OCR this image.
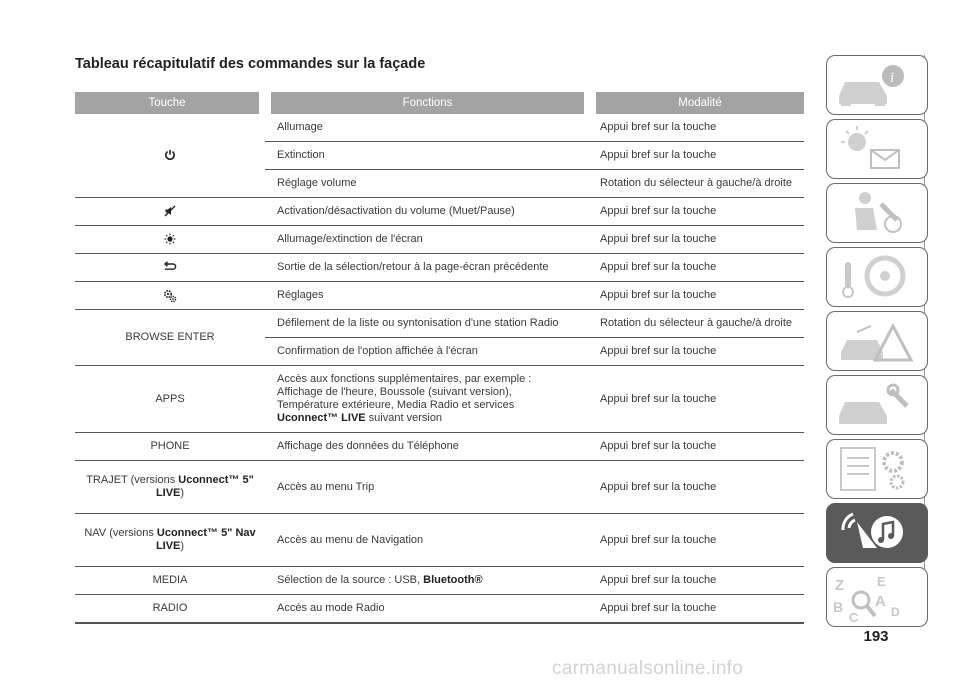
Tableau récapitulatif des commandes sur la façade
Touche	Fonctions	Modalité
	Allumage	Appui bref sur la touche
	Extinction	Appui bref sur la touche
	Réglage volume	Rotation du sélecteur à gauche/à droite
	Activation/désactivation du volume (Muet/Pause)	Appui bref sur la touche
	Allumage/extinction de l'écran	Appui bref sur la touche
	Sortie de la sélection/retour à la page-écran précédente	Appui bref sur la touche
	Réglages	Appui bref sur la touche
BROWSE ENTER	Défilement de la liste ou syntonisation d'une station Radio	Rotation du sélecteur à gauche/à droite
	Confirmation de l'option affichée à l'écran	Appui bref sur la touche
APPS	Accès aux fonctions supplémentaires, par exemple :
Affichage de l'heure, Boussole (suivant version),
Température extérieure, Media Radio et services
Uconnect™ LIVE suivant version	Appui bref sur la touche
PHONE	Affichage des données du Téléphone	Appui bref sur la touche
TRAJET (versions Uconnect™ 5"
LIVE)	Accès au menu Trip	Appui bref sur la touche
NAV (versions Uconnect™ 5" Nav
LIVE)	Accès au menu de Navigation	Appui bref sur la touche
MEDIA	Sélection de la source : USB, Bluetooth®	Appui bref sur la touche
RADIO	Accès au mode Radio	Appui bref sur la touche
i
Z	E
B A
D
C
193
carmanualsonline.info
